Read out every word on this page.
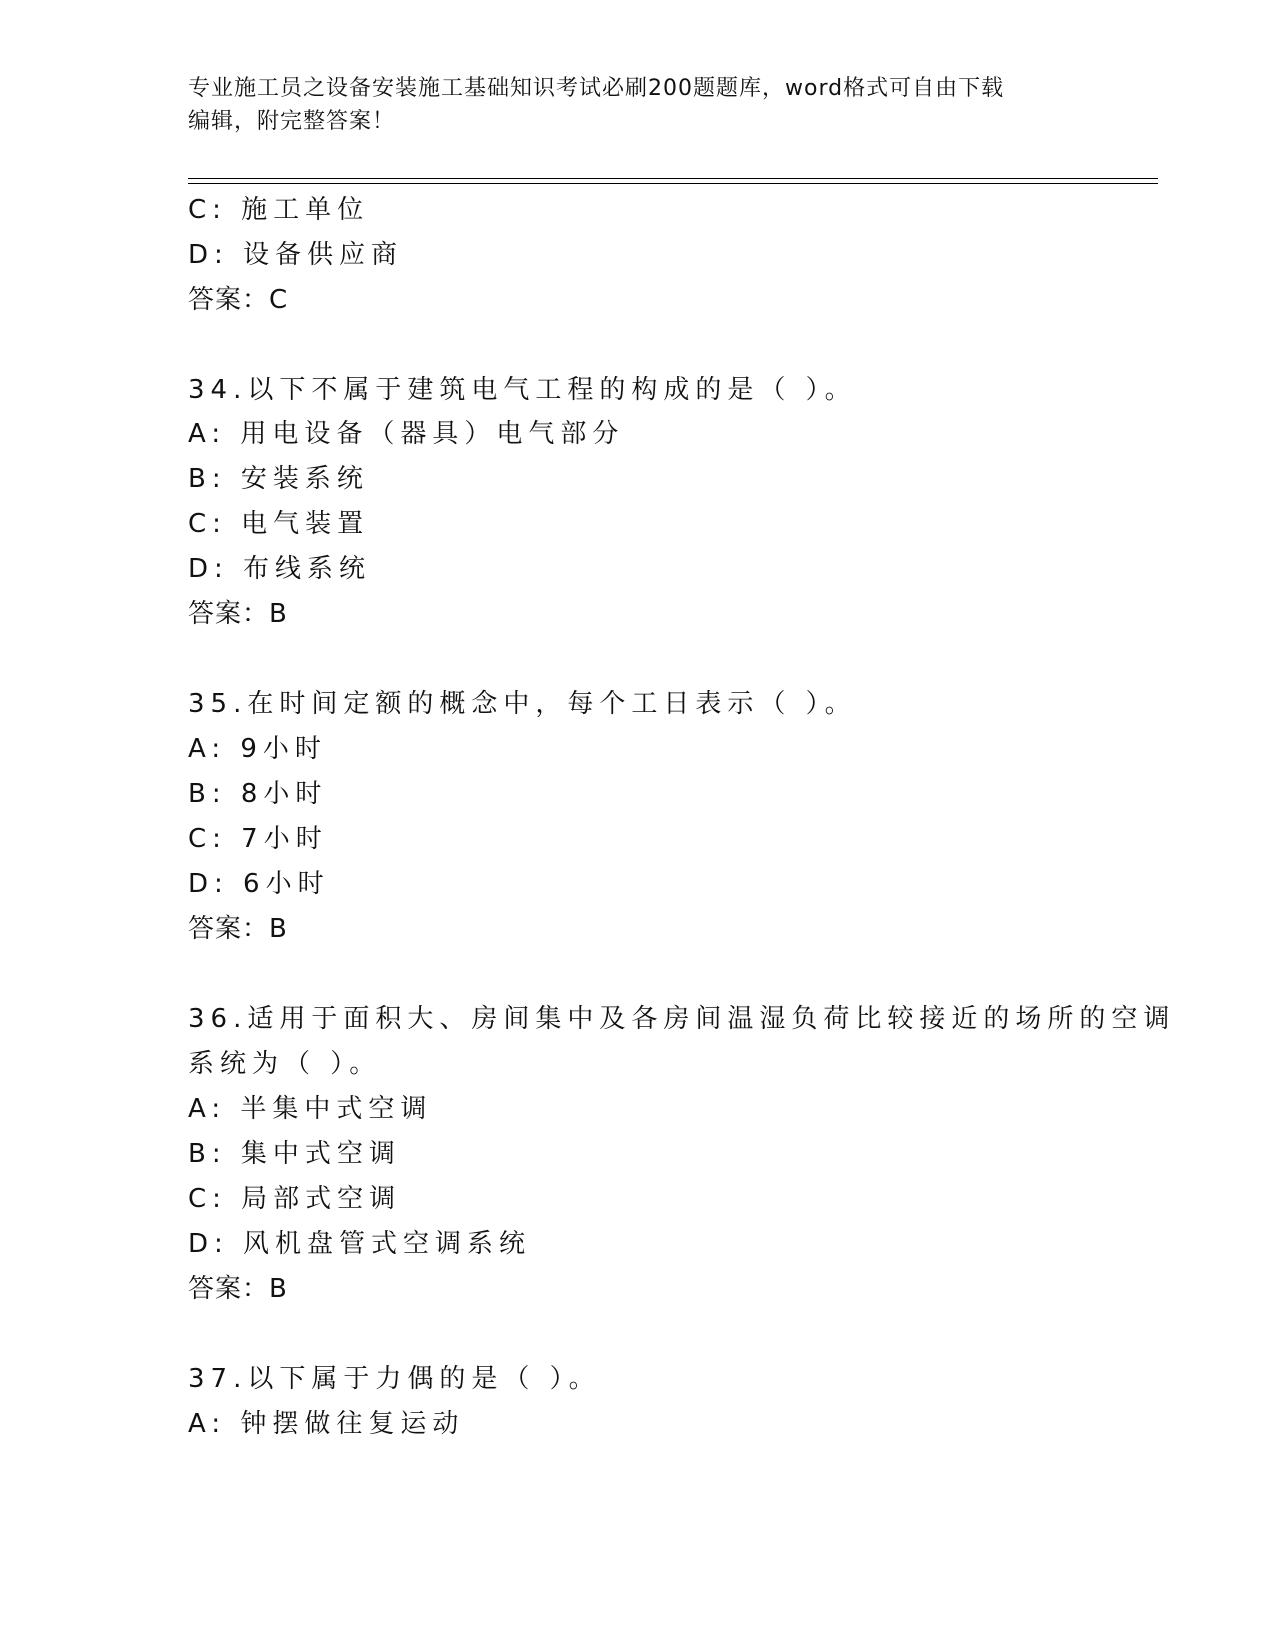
专业施工员之设备安装施工基础知识考试必刷200题题库，word格式可自由下载
编辑，附完整答案！
C: 施工单位
D: 设备供应商
答案：C
34.以下不属于建筑电气工程的构成的是（ ）。
A: 用电设备（器具）电气部分
B: 安装系统
C: 电气装置
D: 布线系统
答案：B
35.在时间定额的概念中，每个工日表示（ ）。
A: 9小时
B: 8小时
C: 7小时
D: 6小时
答案：B
36.适用于面积大、房间集中及各房间温湿负荷比较接近的场所的空调
系统为（ ）。
A: 半集中式空调
B: 集中式空调
C: 局部式空调
D: 风机盘管式空调系统
答案：B
37.以下属于力偶的是（ ）。
A: 钟摆做往复运动
